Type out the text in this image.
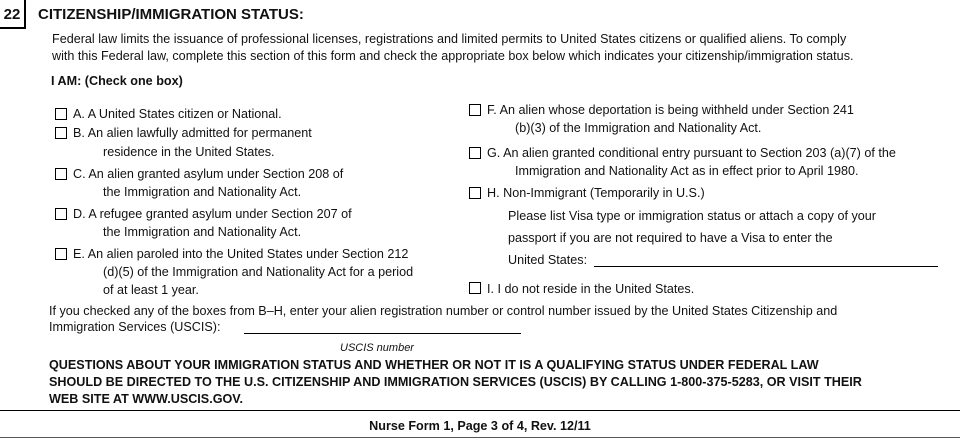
22	CITIZENSHIP/IMMIGRATION STATUS:
Federal law limits the issuance of professional licenses, registrations and limited permits to United States citizens or qualified aliens. To comply
with this Federal law, complete this section of this form and check the appropriate box below which indicates your citizenship/immigration status.
I AM: (Check one box)
A. A United States citizen or National.
B. An alien lawfully admitted for permanent
residence in the United States.
C. An alien granted asylum under Section 208 of
the Immigration and Nationality Act.
D. A refugee granted asylum under Section 207 of
the Immigration and Nationality Act.
E. An alien paroled into the United States under Section 212
(d)(5) of the Immigration and Nationality Act for a period
of at least 1 year.
F. An alien whose deportation is being withheld under Section 241
(b)(3) of the Immigration and Nationality Act.
G. An alien granted conditional entry pursuant to Section 203 (a)(7) of the
Immigration and Nationality Act as in effect prior to April 1980.
H. Non-Immigrant (Temporarily in U.S.)
Please list Visa type or immigration status or attach a copy of your
passport if you are not required to have a Visa to enter the
United States:
I. I do not reside in the United States.
If you checked any of the boxes from B–H, enter your alien registration number or control number issued by the United States Citizenship and
Immigration Services (USCIS):
USCIS number
QUESTIONS ABOUT YOUR IMMIGRATION STATUS AND WHETHER OR NOT IT IS A QUALIFYING STATUS UNDER FEDERAL LAW
SHOULD BE DIRECTED TO THE U.S. CITIZENSHIP AND IMMIGRATION SERVICES (USCIS) BY CALLING 1-800-375-5283, OR VISIT THEIR
WEB SITE AT WWW.USCIS.GOV.
Nurse Form 1, Page 3 of 4, Rev. 12/11
